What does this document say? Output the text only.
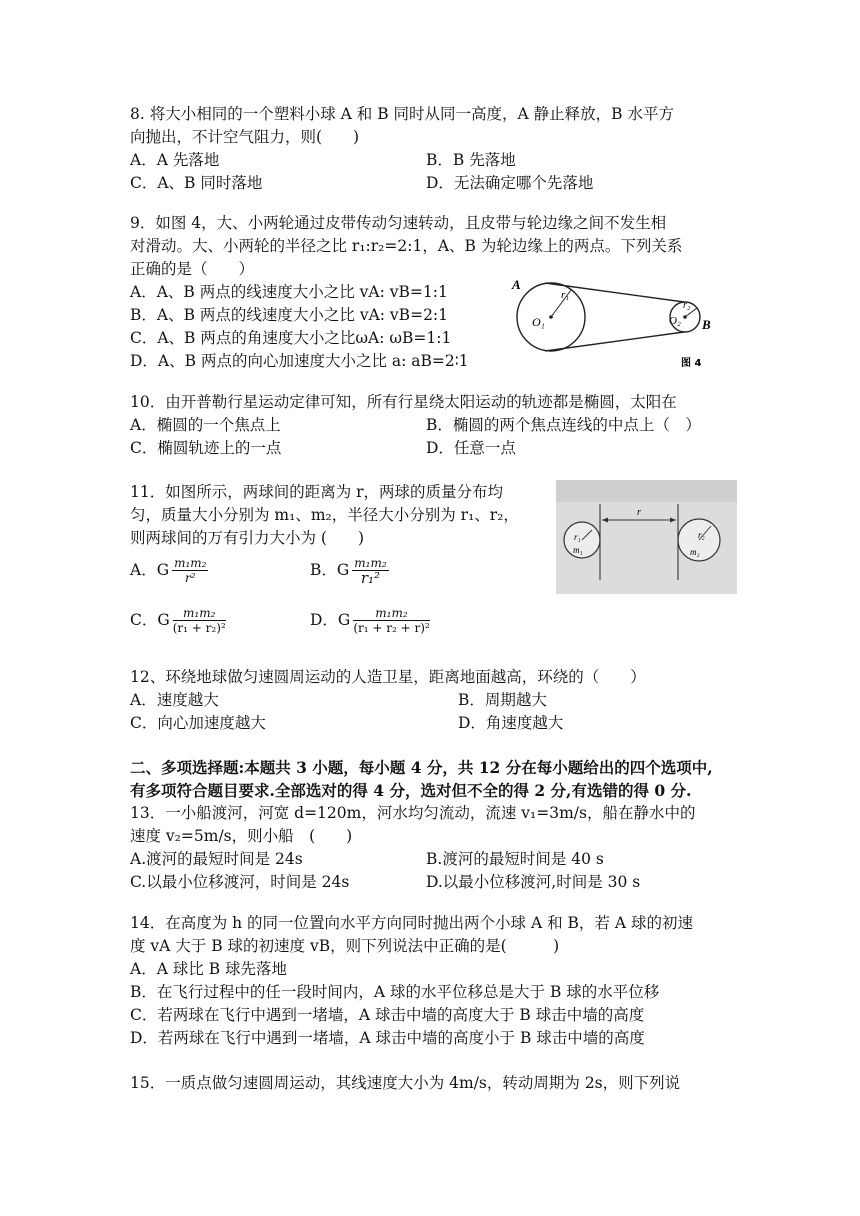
8. 将大小相同的一个塑料小球 A 和 B 同时从同一高度，A 静止释放，B 水平方
向抛出，不计空气阻力，则(　　)
A．A 先落地	B．B 先落地
C．A、B 同时落地	D．无法确定哪个先落地
9．如图 4，大、小两轮通过皮带传动匀速转动，且皮带与轮边缘之间不发生相
对滑动。大、小两轮的半径之比 r₁:r₂=2:1，A、B 为轮边缘上的两点。下列关系
正确的是（　　）
A．A、B 两点的线速度大小之比 vA: vB=1:1
B．A、B 两点的线速度大小之比 vA: vB=2:1
C．A、B 两点的角速度大小之比ωA: ωB=1:1
D．A、B 两点的向心加速度大小之比 a: aB=2∶1
A
B
O₁	O₂
r₁
r₂
图 4
10．由开普勒行星运动定律可知，所有行星绕太阳运动的轨迹都是椭圆，太阳在
A．椭圆的一个焦点上	B．椭圆的两个焦点连线的中点上（　）
C．椭圆轨迹上的一点	D．任意一点
11．如图所示，两球间的距离为 r，两球的质量分布均
匀，质量大小分别为 m₁、m₂，半径大小分别为 r₁、r₂，
则两球间的万有引力大小为 (　　)
A．G $\frac{\text{m₁m₂}}{\text{r²}}$	B．G $\frac{\text{m₁m₂}}{\text{r₁²}}$
C．G $\frac{\text{m₁m₂}}{\text{(r₁ + r₂)²}}$	D．G $\frac{\text{m₁m₂}}{\text{(r₁ + r₂ + r)²}}$
r
r₁
m₁
r₂
m₂
12、环绕地球做匀速圆周运动的人造卫星，距离地面越高，环绕的（　　）
A．速度越大	B．周期越大
C．向心加速度越大	D．角速度越大
二、多项选择题:本题共 3 小题，每小题 4 分，共 12 分在每小题给出的四个选项中,
有多项符合题目要求.全部选对的得 4 分，选对但不全的得 2 分,有选错的得 0 分.
13．一小船渡河，河宽 d=120m，河水均匀流动，流速 v₁=3m/s，船在静水中的
速度 v₂=5m/s，则小船　(　　)
A.渡河的最短时间是 24s	B.渡河的最短时间是 40 s
C.以最小位移渡河，时间是 24s	D.以最小位移渡河,时间是 30 s
14．在高度为 h 的同一位置向水平方向同时抛出两个小球 A 和 B，若 A 球的初速
度 vA 大于 B 球的初速度 vB，则下列说法中正确的是(　　　)
A．A 球比 B 球先落地
B．在飞行过程中的任一段时间内，A 球的水平位移总是大于 B 球的水平位移
C．若两球在飞行中遇到一堵墙，A 球击中墙的高度大于 B 球击中墙的高度
D．若两球在飞行中遇到一堵墙，A 球击中墙的高度小于 B 球击中墙的高度
15．一质点做匀速圆周运动，其线速度大小为 4m/s，转动周期为 2s，则下列说
